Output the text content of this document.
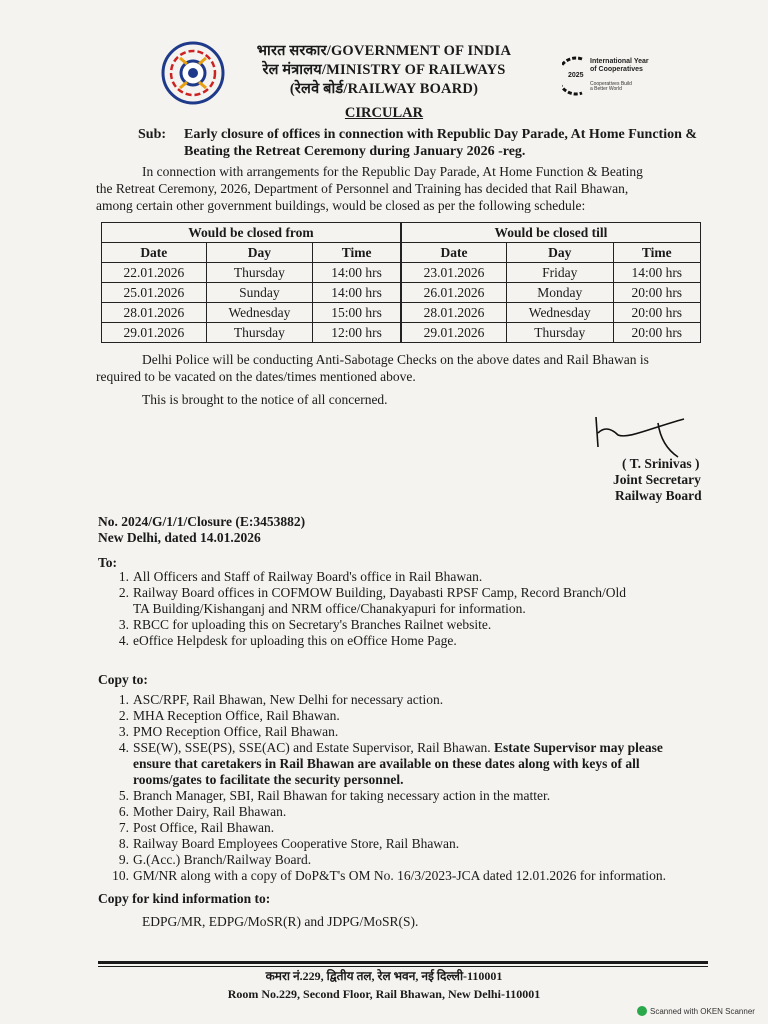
भारत सरकार/GOVERNMENT OF INDIA
रेल मंत्रालय/MINISTRY OF RAILWAYS
(रेलवे बोर्ड/RAILWAY BOARD)
2025
International Year
of Cooperatives
Cooperatives Build
a Better World
CIRCULAR
Sub: Early closure of offices in connection with Republic Day Parade, At Home Function & Beating the Retreat Ceremony during January 2026 -reg.
In connection with arrangements for the Republic Day Parade, At Home Function & Beating
the Retreat Ceremony, 2026, Department of Personnel and Training has decided that Rail Bhawan,
among certain other government buildings, would be closed as per the following schedule:
Would be closed from			Would be closed till		
Date	Day	Time	Date	Day	Time
22.01.2026	Thursday	14:00 hrs	23.01.2026	Friday	14:00 hrs
25.01.2026	Sunday	14:00 hrs	26.01.2026	Monday	20:00 hrs
28.01.2026	Wednesday	15:00 hrs	28.01.2026	Wednesday	20:00 hrs
29.01.2026	Thursday	12:00 hrs	29.01.2026	Thursday	20:00 hrs
Delhi Police will be conducting Anti-Sabotage Checks on the above dates and Rail Bhawan is
required to be vacated on the dates/times mentioned above.
This is brought to the notice of all concerned.
( T. Srinivas )
Joint Secretary
Railway Board
No. 2024/G/1/1/Closure (E:3453882)
New Delhi, dated 14.01.2026
To:
1. All Officers and Staff of Railway Board's office in Rail Bhawan.
2. Railway Board offices in COFMOW Building, Dayabasti RPSF Camp, Record Branch/Old
TA Building/Kishanganj and NRM office/Chanakyapuri for information.
3. RBCC for uploading this on Secretary's Branches Railnet website.
4. eOffice Helpdesk for uploading this on eOffice Home Page.
Copy to:
1. ASC/RPF, Rail Bhawan, New Delhi for necessary action.
2. MHA Reception Office, Rail Bhawan.
3. PMO Reception Office, Rail Bhawan.
4. SSE(W), SSE(PS), SSE(AC) and Estate Supervisor, Rail Bhawan. Estate Supervisor may please
ensure that caretakers in Rail Bhawan are available on these dates along with keys of all
rooms/gates to facilitate the security personnel.
5. Branch Manager, SBI, Rail Bhawan for taking necessary action in the matter.
6. Mother Dairy, Rail Bhawan.
7. Post Office, Rail Bhawan.
8. Railway Board Employees Cooperative Store, Rail Bhawan.
9. G.(Acc.) Branch/Railway Board.
10. GM/NR along with a copy of DoP&T's OM No. 16/3/2023-JCA dated 12.01.2026 for information.
Copy for kind information to:
EDPG/MR, EDPG/MoSR(R) and JDPG/MoSR(S).
कमरा नं.229, द्वितीय तल, रेल भवन, नई दिल्ली-110001
Room No.229, Second Floor, Rail Bhawan, New Delhi-110001
Scanned with OKEN Scanner
